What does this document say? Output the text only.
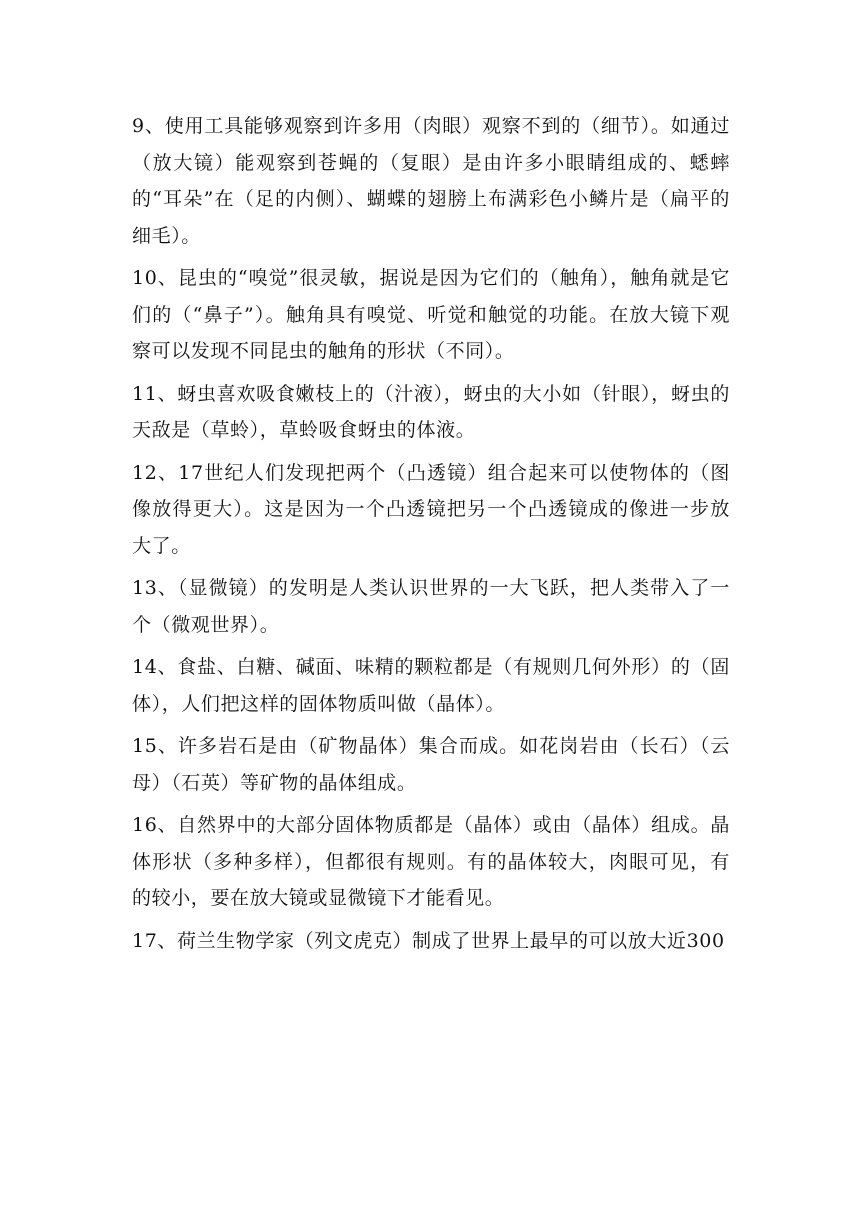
9、使用工具能够观察到许多用（肉眼）观察不到的（细节）。如通过（放大镜）能观察到苍蝇的（复眼）是由许多小眼睛组成的、蟋蟀的“耳朵”在（足的内侧）、蝴蝶的翅膀上布满彩色小鳞片是（扁平的细毛）。

10、昆虫的“嗅觉”很灵敏，据说是因为它们的（触角），触角就是它们的（“鼻子”）。触角具有嗅觉、听觉和触觉的功能。在放大镜下观察可以发现不同昆虫的触角的形状（不同）。

11、蚜虫喜欢吸食嫩枝上的（汁液），蚜虫的大小如（针眼），蚜虫的天敌是（草蛉），草蛉吸食蚜虫的体液。

12、17世纪人们发现把两个（凸透镜）组合起来可以使物体的（图像放得更大）。这是因为一个凸透镜把另一个凸透镜成的像进一步放大了。

13、（显微镜）的发明是人类认识世界的一大飞跃，把人类带入了一个（微观世界）。

14、食盐、白糖、碱面、味精的颗粒都是（有规则几何外形）的（固体），人们把这样的固体物质叫做（晶体）。

15、许多岩石是由（矿物晶体）集合而成。如花岗岩由（长石）（云母）（石英）等矿物的晶体组成。

16、自然界中的大部分固体物质都是（晶体）或由（晶体）组成。晶体形状（多种多样），但都很有规则。有的晶体较大，肉眼可见，有的较小，要在放大镜或显微镜下才能看见。

17、荷兰生物学家（列文虎克）制成了世界上最早的可以放大近300
